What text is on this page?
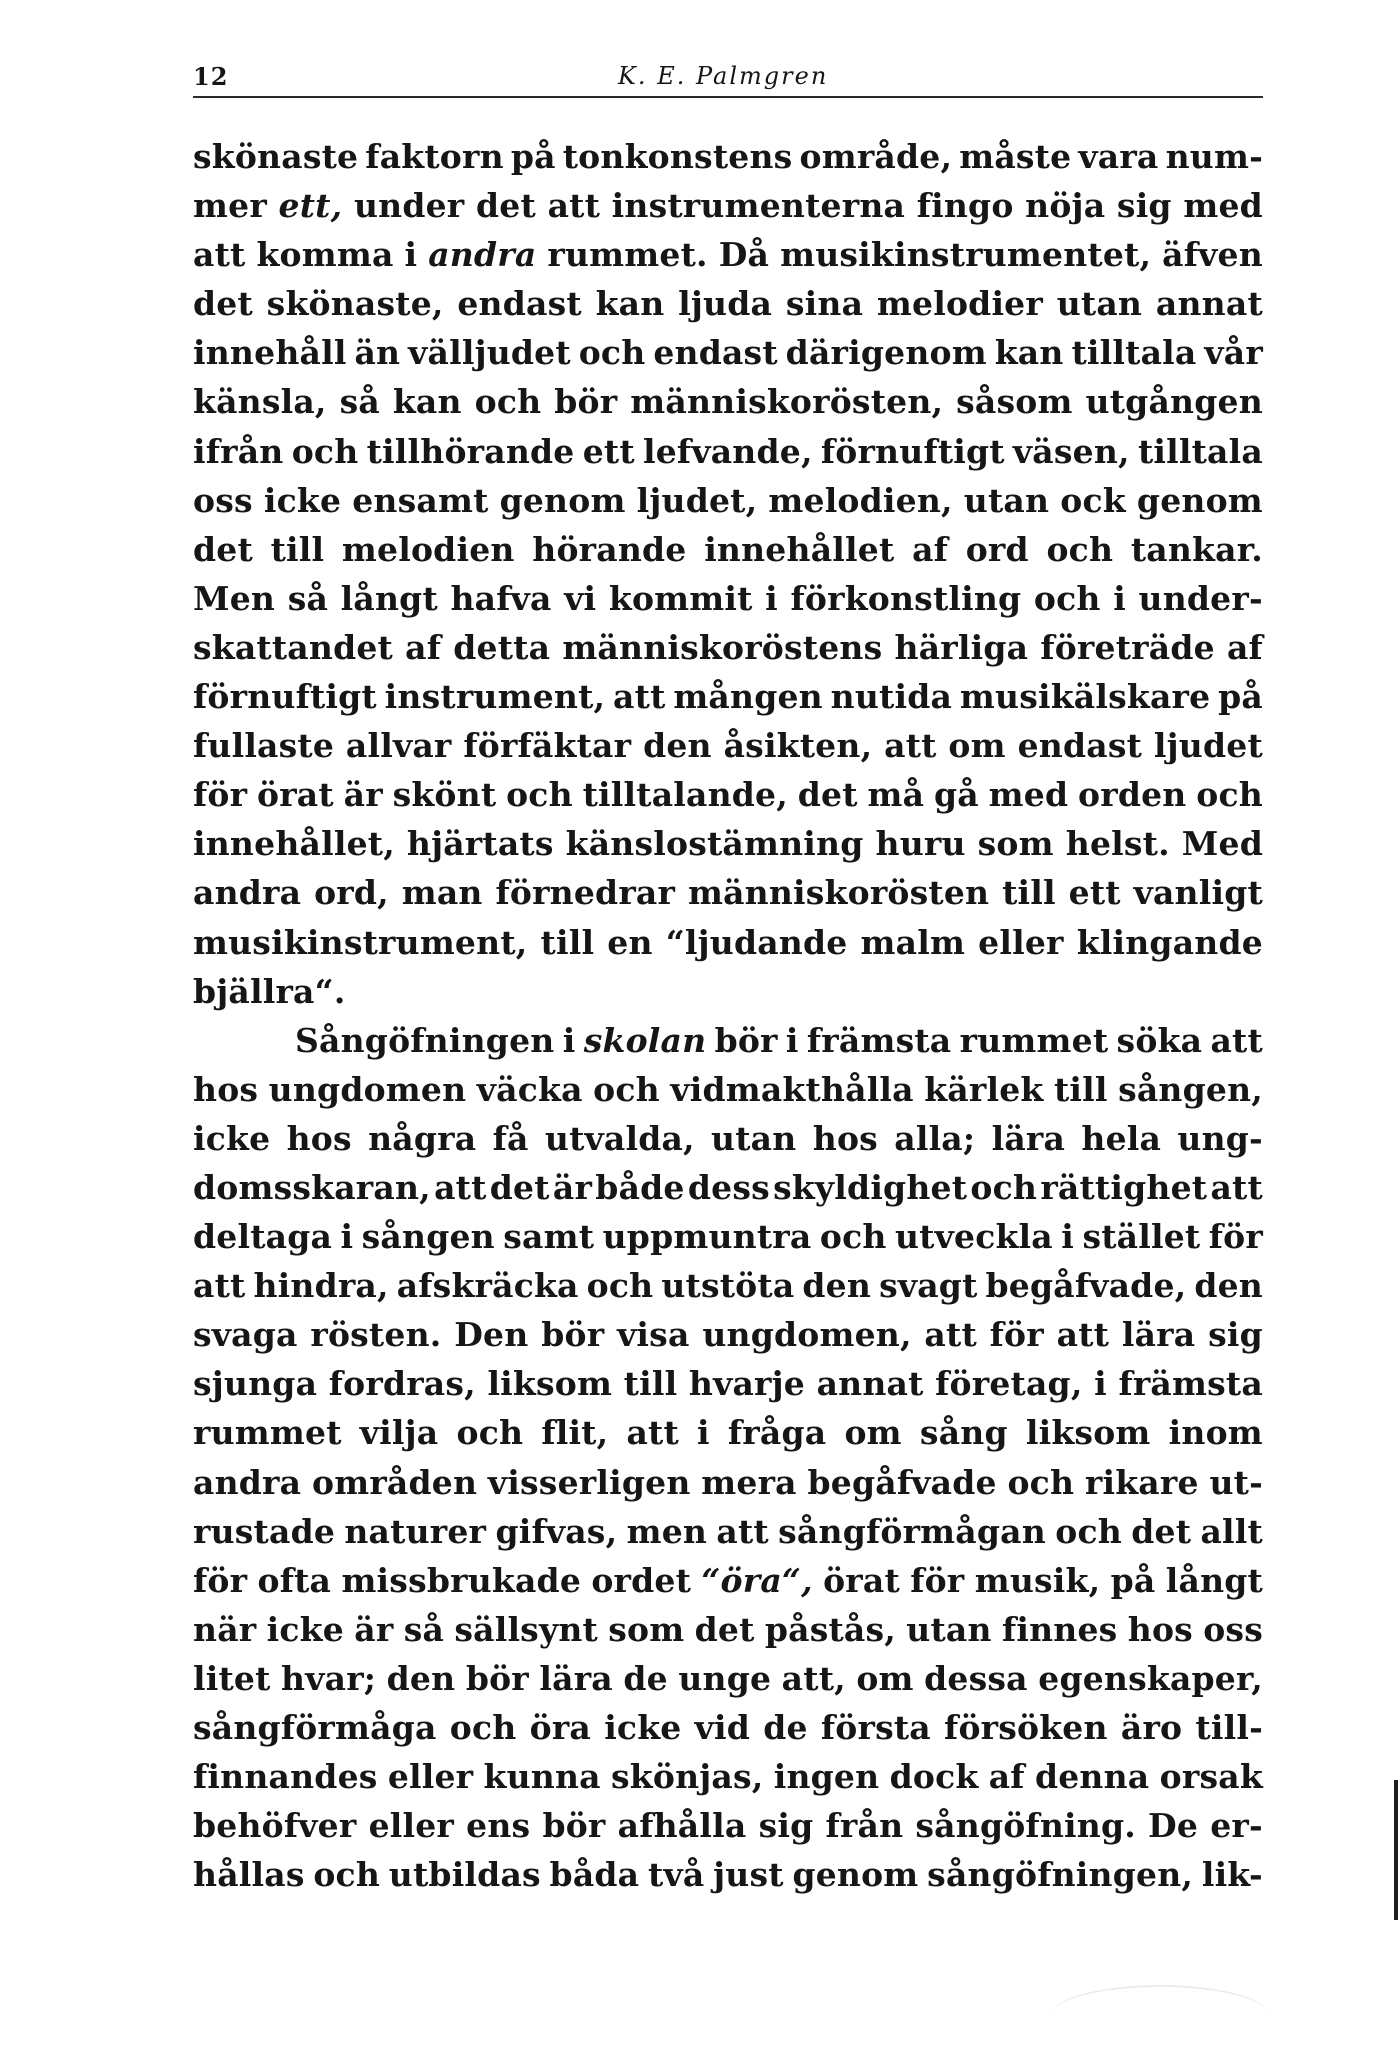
12	K. E. Palmgren
skönaste faktorn på tonkonstens område, måste vara num-
mer ett, under det att instrumenterna fingo nöja sig med
att komma i andra rummet. Då musikinstrumentet, äfven
det skönaste, endast kan ljuda sina melodier utan annat
innehåll än välljudet och endast därigenom kan tilltala vår
känsla, så kan och bör människorösten, såsom utgången
ifrån och tillhörande ett lefvande, förnuftigt väsen, tilltala
oss icke ensamt genom ljudet, melodien, utan ock genom
det till melodien hörande innehållet af ord och tankar.
Men så långt hafva vi kommit i förkonstling och i under-
skattandet af detta människoröstens härliga företräde af
förnuftigt instrument, att mången nutida musikälskare på
fullaste allvar förfäktar den åsikten, att om endast ljudet
för örat är skönt och tilltalande, det må gå med orden och
innehållet, hjärtats känslostämning huru som helst. Med
andra ord, man förnedrar människorösten till ett vanligt
musikinstrument, till en “ljudande malm eller klingande
bjällra“.
Sångöfningen i skolan bör i främsta rummet söka att
hos ungdomen väcka och vidmakthålla kärlek till sången,
icke hos några få utvalda, utan hos alla; lära hela ung-
domsskaran, att det är både dess skyldighet och rättighet att
deltaga i sången samt uppmuntra och utveckla i stället för
att hindra, afskräcka och utstöta den svagt begåfvade, den
svaga rösten. Den bör visa ungdomen, att för att lära sig
sjunga fordras, liksom till hvarje annat företag, i främsta
rummet vilja och flit, att i fråga om sång liksom inom
andra områden visserligen mera begåfvade och rikare ut-
rustade naturer gifvas, men att sångförmågan och det allt
för ofta missbrukade ordet “öra“, örat för musik, på långt
när icke är så sällsynt som det påstås, utan finnes hos oss
litet hvar; den bör lära de unge att, om dessa egenskaper,
sångförmåga och öra icke vid de första försöken äro till-
finnandes eller kunna skönjas, ingen dock af denna orsak
behöfver eller ens bör afhålla sig från sångöfning. De er-
hållas och utbildas båda två just genom sångöfningen, lik-
